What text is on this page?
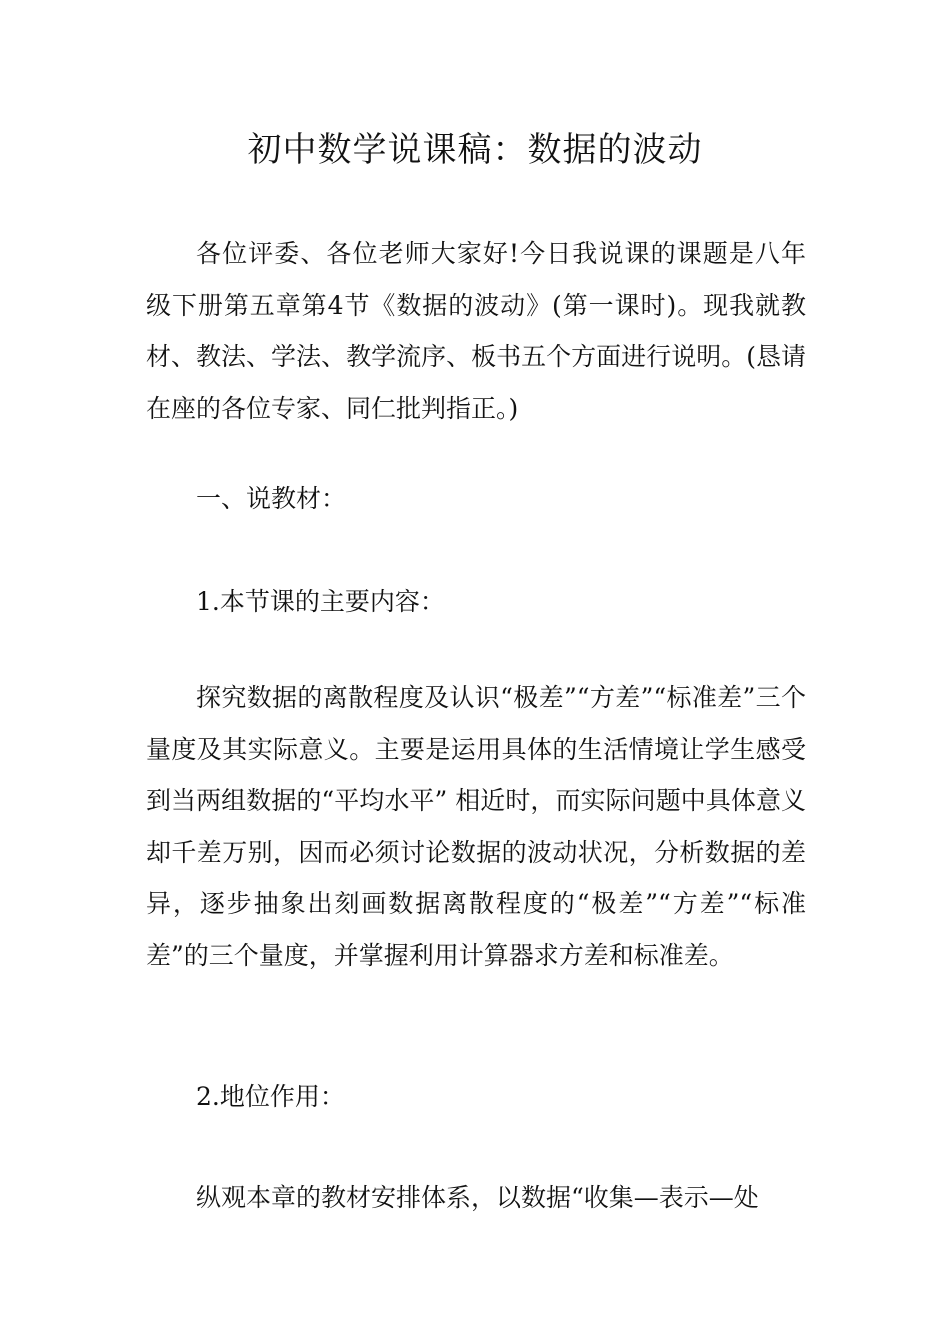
初中数学说课稿：数据的波动

各位评委、各位老师大家好!今日我说课的课题是八年级下册第五章第4节《数据的波动》(第一课时)。现我就教材、教法、学法、教学流序、板书五个方面进行说明。(恳请在座的各位专家、同仁批判指正。)

一、说教材：

1.本节课的主要内容：

探究数据的离散程度及认识“极差”“方差”“标准差”三个量度及其实际意义。主要是运用具体的生活情境让学生感受到当两组数据的“平均水平” 相近时，而实际问题中具体意义却千差万别，因而必须讨论数据的波动状况，分析数据的差异，逐步抽象出刻画数据离散程度的“极差”“方差”“标准差”的三个量度，并掌握利用计算器求方差和标准差。

2.地位作用：

纵观本章的教材安排体系，以数据“收集—表示—处
